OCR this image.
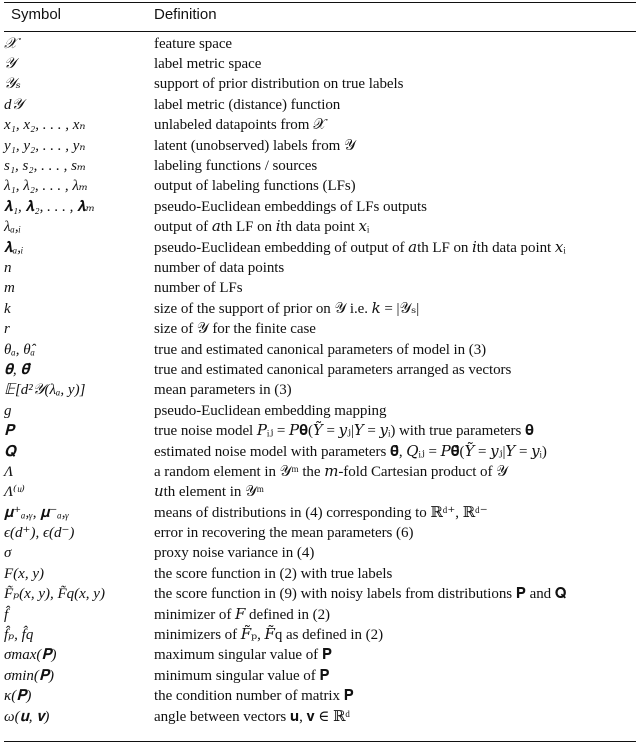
Symbol	Definition
𝒳	feature space
𝒴	label metric space
𝒴ₛ	support of prior distribution on true labels
d𝒴	label metric (distance) function
x₁, x₂, . . . , xₙ	unlabeled datapoints from 𝒳
y₁, y₂, . . . , yₙ	latent (unobserved) labels from 𝒴
s₁, s₂, . . . , sₘ	labeling functions / sources
λ₁, λ₂, . . . , λₘ	output of labeling functions (LFs)
𝛌₁, 𝛌₂, . . . , 𝛌ₘ	pseudo-Euclidean embeddings of LFs outputs
λₐ,ᵢ	output of 𝑎th LF on 𝑖th data point 𝑥ᵢ
𝛌ₐ,ᵢ	pseudo-Euclidean embedding of output of 𝑎th LF on 𝑖th data point 𝑥ᵢ
n	number of data points
m	number of LFs
k	size of the support of prior on 𝒴 i.e. 𝑘 = |𝒴ₛ|
r	size of 𝒴 for the finite case
θₐ, θ̂ₐ	true and estimated canonical parameters of model in (3)
𝛉, 𝛉̂	true and estimated canonical parameters arranged as vectors
𝔼[d²𝒴(λₐ, y)]	mean parameters in (3)
g	pseudo-Euclidean embedding mapping
𝐏	true noise model 𝑃ᵢⱼ = 𝑃𝛉(𝑌̃ = 𝑦ⱼ|𝑌 = 𝑦ᵢ) with true parameters 𝛉
𝐐	estimated noise model with parameters 𝛉̂, 𝑄ᵢⱼ = 𝑃𝛉̂(𝑌̃ = 𝑦ⱼ|𝑌 = 𝑦ᵢ)
Λ	a random element in 𝒴ᵐ the 𝑚-fold Cartesian product of 𝒴
Λ⁽ᵘ⁾	𝑢th element in 𝒴ᵐ
𝛍⁺ₐ,ᵧ, 𝛍⁻ₐ,ᵧ	means of distributions in (4) corresponding to ℝᵈ⁺, ℝᵈ⁻
ϵ(d⁺), ϵ(d⁻)	error in recovering the mean parameters (6)
σ	proxy noise variance in (4)
F(x, y)	the score function in (2) with true labels
F̃ₚ(x, y), F̃q(x, y)	the score function in (9) with noisy labels from distributions 𝐏 and 𝐐
f̂	minimizer of 𝐹 defined in (2)
f̂ₚ, f̂q	minimizers of 𝐹̃ₚ, 𝐹̃q as defined in (2)
σmax(𝐏)	maximum singular value of 𝐏
σmin(𝐏)	minimum singular value of 𝐏
κ(𝐏)	the condition number of matrix 𝐏
ω(𝐮, 𝐯)	angle between vectors 𝐮, 𝐯 ∈ ℝᵈ
